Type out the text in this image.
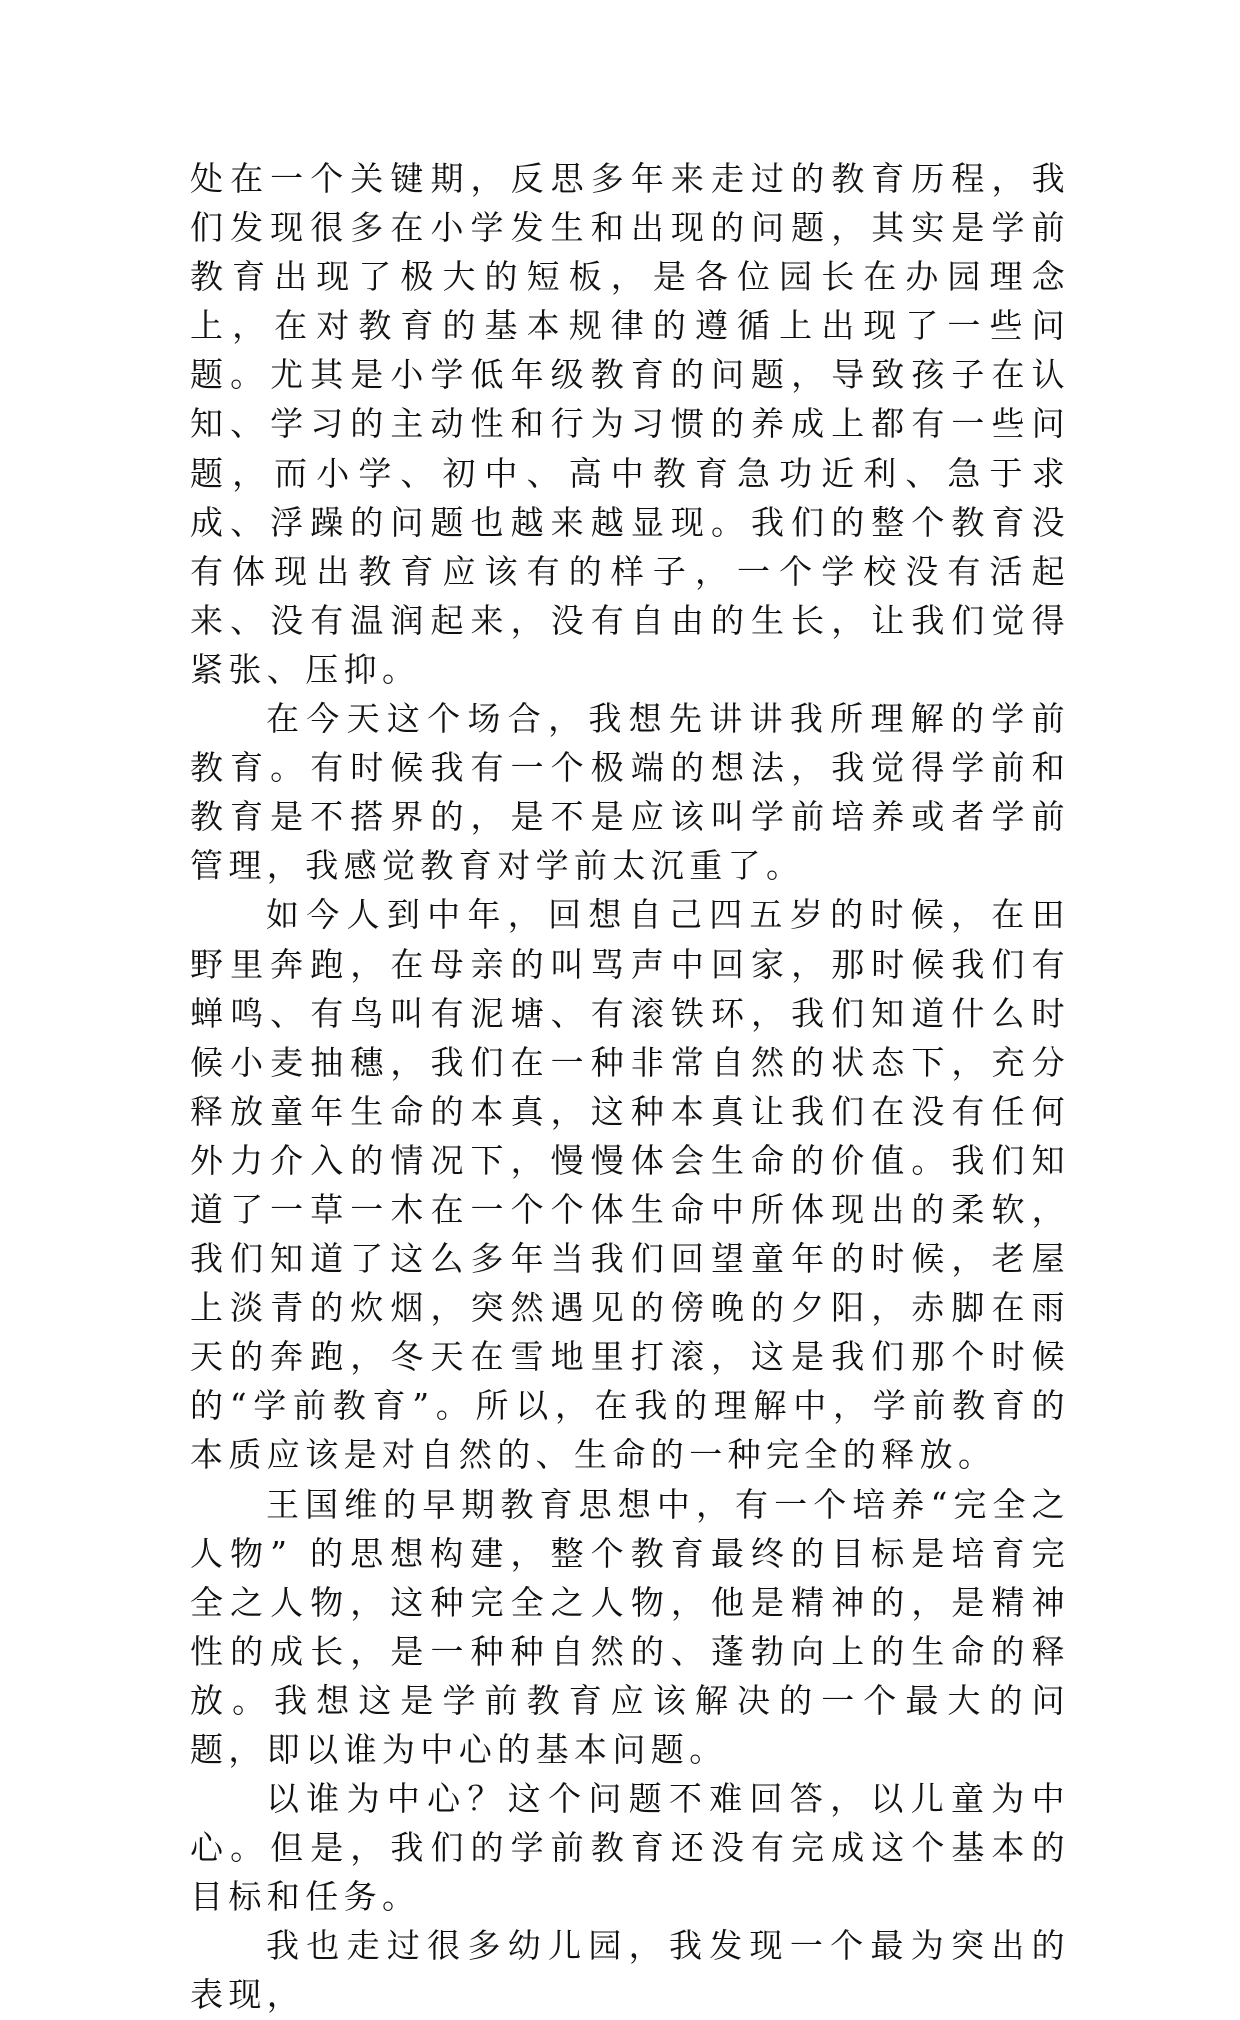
处在一个关键期，反思多年来走过的教育历程，我们发现很多在小学发生和出现的问题，其实是学前教育出现了极大的短板，是各位园长在办园理念上，在对教育的基本规律的遵循上出现了一些问题。尤其是小学低年级教育的问题，导致孩子在认知、学习的主动性和行为习惯的养成上都有一些问题，而小学、初中、高中教育急功近利、急于求成、浮躁的问题也越来越显现。我们的整个教育没有体现出教育应该有的样子，一个学校没有活起来、没有温润起来，没有自由的生长，让我们觉得紧张、压抑。

在今天这个场合，我想先讲讲我所理解的学前教育。有时候我有一个极端的想法，我觉得学前和教育是不搭界的，是不是应该叫学前培养或者学前管理，我感觉教育对学前太沉重了。

如今人到中年，回想自己四五岁的时候，在田野里奔跑，在母亲的叫骂声中回家，那时候我们有蝉鸣、有鸟叫有泥塘、有滚铁环，我们知道什么时候小麦抽穗，我们在一种非常自然的状态下，充分释放童年生命的本真，这种本真让我们在没有任何外力介入的情况下，慢慢体会生命的价值。我们知道了一草一木在一个个体生命中所体现出的柔软，我们知道了这么多年当我们回望童年的时候，老屋上淡青的炊烟，突然遇见的傍晚的夕阳，赤脚在雨天的奔跑，冬天在雪地里打滚，这是我们那个时候的“学前教育”。所以，在我的理解中，学前教育的本质应该是对自然的、生命的一种完全的释放。

王国维的早期教育思想中，有一个培养“完全之人物” 的思想构建，整个教育最终的目标是培育完全之人物，这种完全之人物，他是精神的，是精神性的成长，是一种种自然的、蓬勃向上的生命的释放。我想这是学前教育应该解决的一个最大的问题，即以谁为中心的基本问题。

以谁为中心？这个问题不难回答，以儿童为中心。但是，我们的学前教育还没有完成这个基本的目标和任务。

我也走过很多幼儿园，我发现一个最为突出的表现，
